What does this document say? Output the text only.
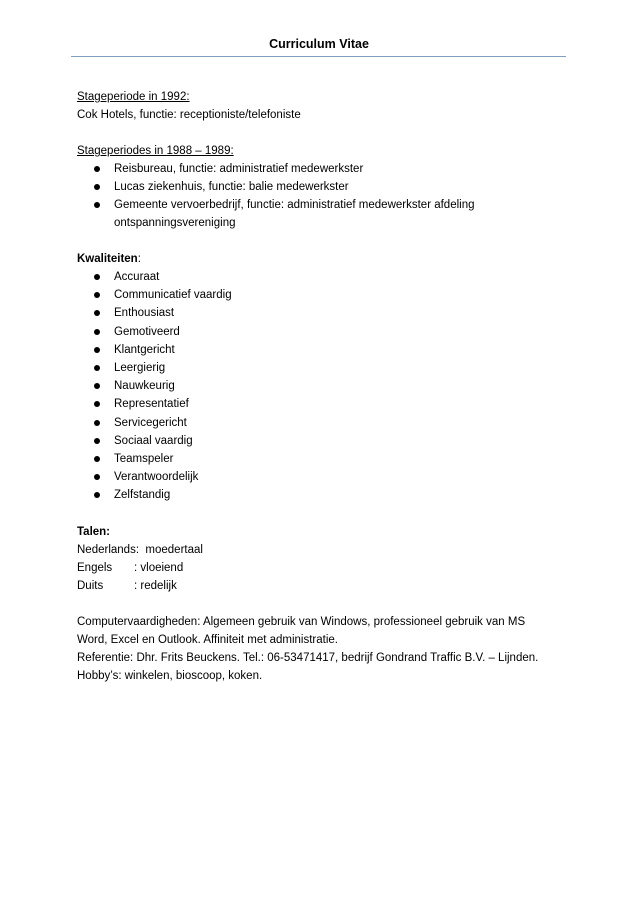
Curriculum Vitae
Stageperiode in 1992:
Cok Hotels, functie: receptioniste/telefoniste
Stageperiodes in 1988 – 1989:
Reisbureau, functie: administratief medewerkster
Lucas ziekenhuis, functie: balie medewerkster
Gemeente vervoerbedrijf, functie: administratief medewerkster afdeling
ontspanningsvereniging
Kwaliteiten:
Accuraat
Communicatief vaardig
Enthousiast
Gemotiveerd
Klantgericht
Leergierig
Nauwkeurig
Representatief
Servicegericht
Sociaal vaardig
Teamspeler
Verantwoordelijk
Zelfstandig
Talen:
Nederlands:
moedertaal
Engels	: vloeiend
Duits	: redelijk
Computervaardigheden: Algemeen gebruik van Windows, professioneel gebruik van MS
Word, Excel en Outlook. Affiniteit met administratie.
Referentie: Dhr. Frits Beuckens. Tel.: 06-53471417, bedrijf Gondrand Traffic B.V. – Lijnden.
Hobby’s: winkelen, bioscoop, koken.
